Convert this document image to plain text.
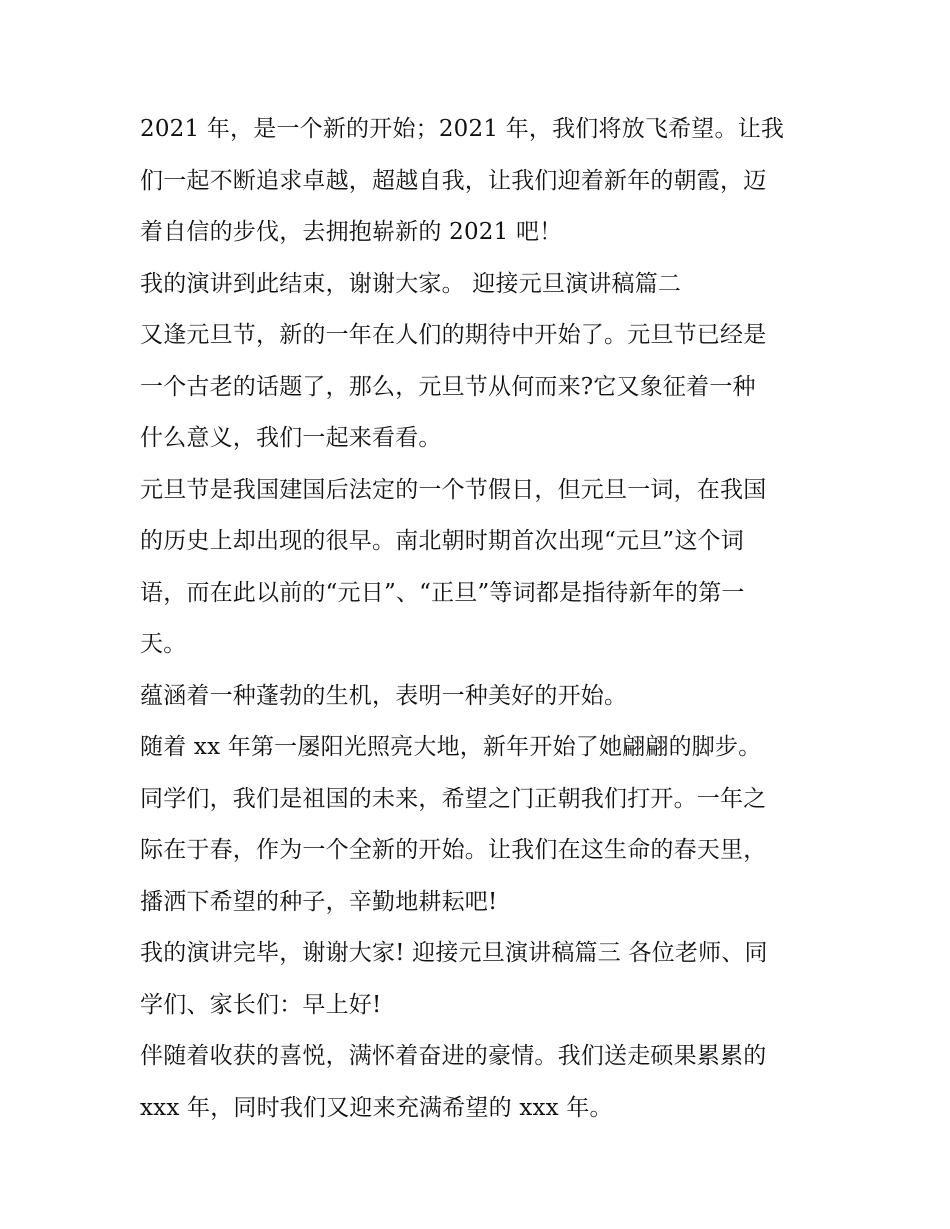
2021 年，是一个新的开始；2021 年，我们将放飞希望。让我
们一起不断追求卓越，超越自我，让我们迎着新年的朝霞，迈
着自信的步伐，去拥抱崭新的 2021 吧！
我的演讲到此结束，谢谢大家。 迎接元旦演讲稿篇二
又逢元旦节，新的一年在人们的期待中开始了。元旦节已经是
一个古老的话题了，那么，元旦节从何而来?它又象征着一种
什么意义，我们一起来看看。
元旦节是我国建国后法定的一个节假日，但元旦一词，在我国
的历史上却出现的很早。南北朝时期首次出现“元旦”这个词
语，而在此以前的“元日”、“正旦”等词都是指待新年的第一
天。
蕴涵着一种蓬勃的生机，表明一种美好的开始。
随着 xx 年第一屡阳光照亮大地，新年开始了她翩翩的脚步。
同学们，我们是祖国的未来，希望之门正朝我们打开。一年之
际在于春，作为一个全新的开始。让我们在这生命的春天里，
播洒下希望的种子，辛勤地耕耘吧!
我的演讲完毕，谢谢大家! 迎接元旦演讲稿篇三 各位老师、同
学们、家长们：早上好!
伴随着收获的喜悦，满怀着奋进的豪情。我们送走硕果累累的
xxx 年，同时我们又迎来充满希望的 xxx 年。
